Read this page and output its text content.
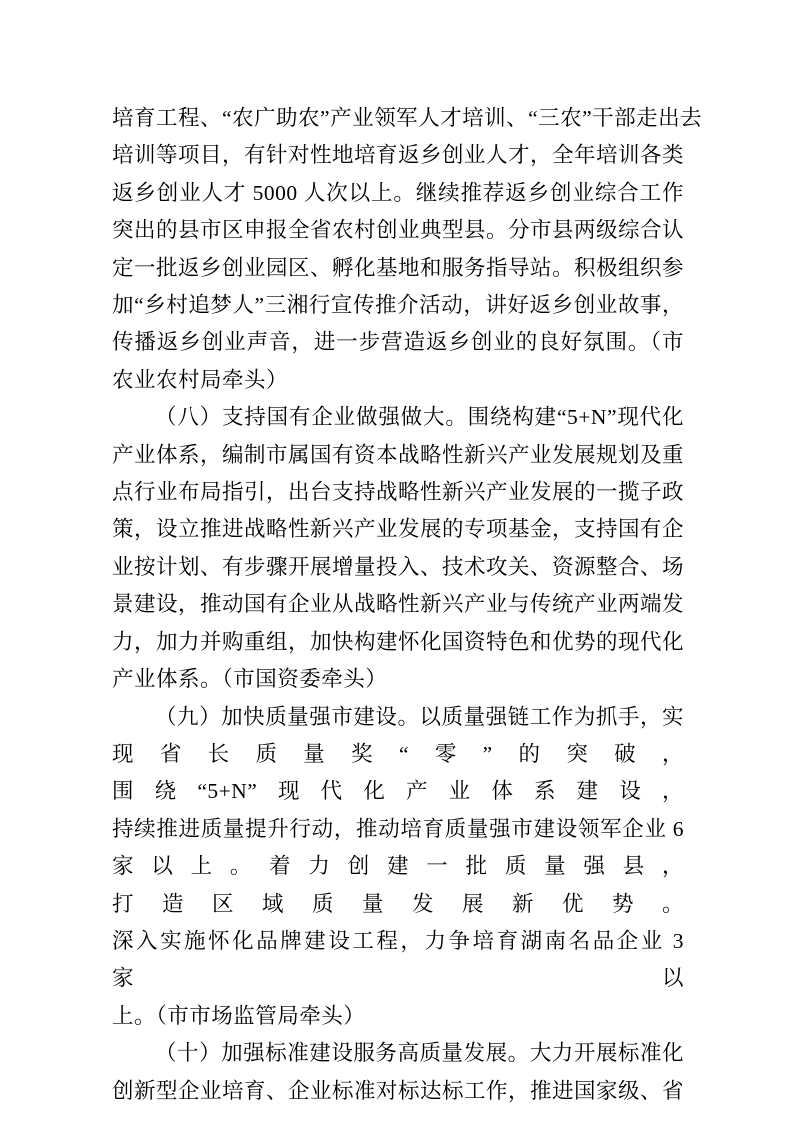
培育工程、“农广助农”产业领军人才培训、“三农”干部走出去
培训等项目，有针对性地培育返乡创业人才，全年培训各类
返乡创业人才 5000 人次以上。继续推荐返乡创业综合工作
突出的县市区申报全省农村创业典型县。分市县两级综合认
定一批返乡创业园区、孵化基地和服务指导站。积极组织参
加“乡村追梦人”三湘行宣传推介活动，讲好返乡创业故事，
传播返乡创业声音，进一步营造返乡创业的良好氛围。（市
农业农村局牵头）
（八）支持国有企业做强做大。围绕构建“5+N”现代化
产业体系，编制市属国有资本战略性新兴产业发展规划及重
点行业布局指引，出台支持战略性新兴产业发展的一揽子政
策，设立推进战略性新兴产业发展的专项基金，支持国有企
业按计划、有步骤开展增量投入、技术攻关、资源整合、场
景建设，推动国有企业从战略性新兴产业与传统产业两端发
力，加力并购重组，加快构建怀化国资特色和优势的现代化
产业体系。（市国资委牵头）
（九）加快质量强市建设。以质量强链工作为抓手，实
现省长质量奖“零”的突破，围绕“5+N”现代化产业体系建设，
持续推进质量提升行动，推动培育质量强市建设领军企业 6
家以上。着力创建一批质量强县，打造区域质量发展新优势。
深入实施怀化品牌建设工程，力争培育湖南名品企业 3 家以
上。（市市场监管局牵头）
（十）加强标准建设服务高质量发展。大力开展标准化
创新型企业培育、企业标准对标达标工作，推进国家级、省
